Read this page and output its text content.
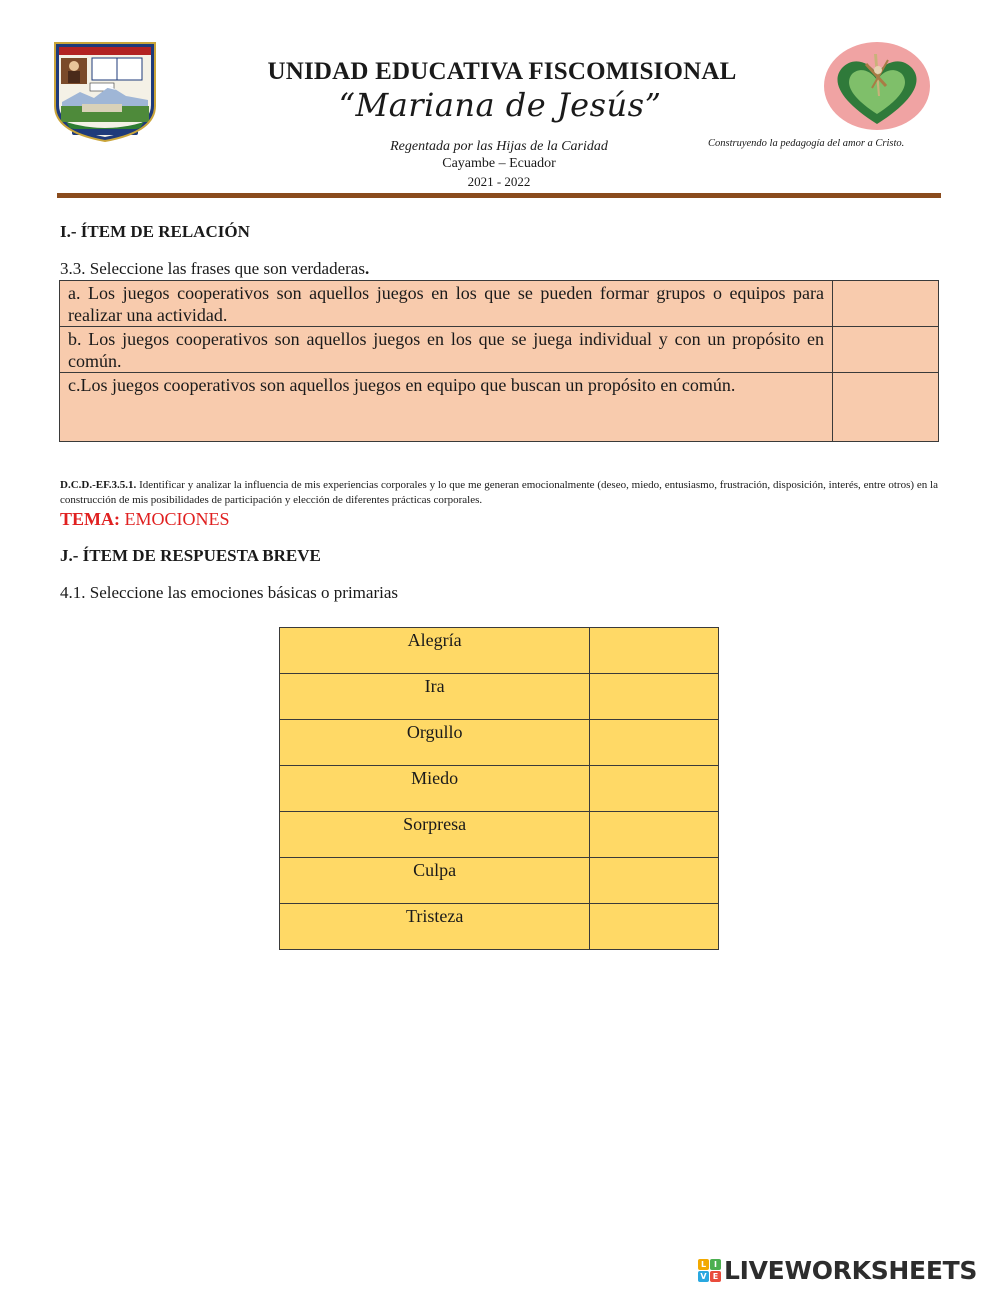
UNIDAD EDUCATIVA FISCOMISIONAL
“Mariana de Jesús”
Regentada por las Hijas de la Caridad
Cayambe – Ecuador
2021 - 2022
Construyendo la pedagogía del amor a Cristo.
I.- ÍTEM DE RELACIÓN
3.3. Seleccione las frases que son verdaderas.
a. Los juegos cooperativos son aquellos juegos en los que se pueden formar grupos o equipos para realizar una actividad.	
b. Los juegos cooperativos son aquellos juegos en los que se juega individual y con un propósito en común.	
c.Los juegos cooperativos son aquellos juegos en equipo que buscan un propósito en común.	
D.C.D.-EF.3.5.1. Identificar y analizar la influencia de mis experiencias corporales y lo que me generan emocionalmente (deseo, miedo, entusiasmo, frustración, disposición, interés, entre otros) en la construcción de mis posibilidades de participación y elección de diferentes prácticas corporales.
TEMA: EMOCIONES
J.- ÍTEM DE RESPUESTA BREVE
4.1. Seleccione las emociones básicas o primarias
Alegría	
Ira	
Orgullo	
Miedo	
Sorpresa	
Culpa	
Tristeza	
L I
V E LIVEWORKSHEETS
